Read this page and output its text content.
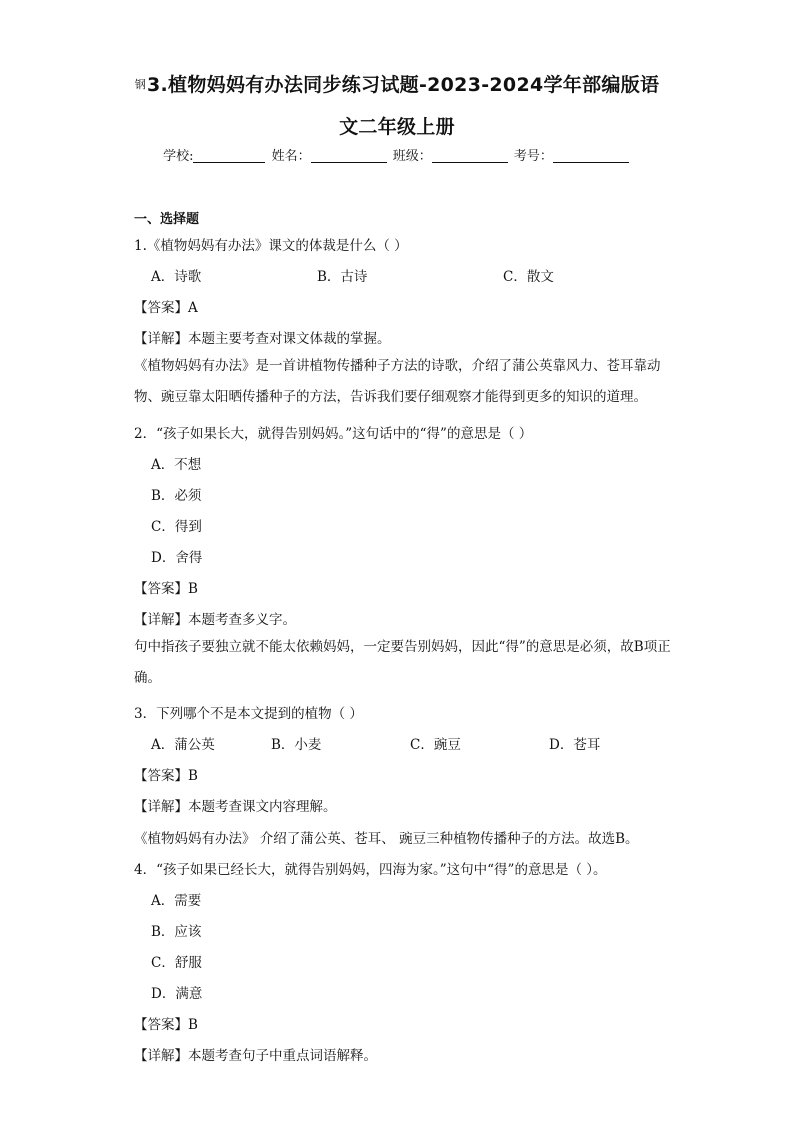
钢3.植物妈妈有办法同步练习试题-2023-2024学年部编版语
文二年级上册
学校:	姓名：	班级：	考号：
一、选择题
1.《植物妈妈有办法》课文的体裁是什么（ ）
A．诗歌	B．古诗	C．散文
【答案】A
【详解】本题主要考查对课文体裁的掌握。
《植物妈妈有办法》是一首讲植物传播种子方法的诗歌，介绍了蒲公英靠风力、苍耳靠动物、豌豆靠太阳晒传播种子的方法，告诉我们要仔细观察才能得到更多的知识的道理。
2．“孩子如果长大，就得告别妈妈。”这句话中的“得”的意思是（ ）
A．不想
B．必须
C．得到
D．舍得
【答案】B
【详解】本题考查多义字。
句中指孩子要独立就不能太依赖妈妈，一定要告别妈妈，因此“得”的意思是必须，故B项正确。
3．下列哪个不是本文提到的植物（ ）
A．蒲公英	B．小麦	C．豌豆	D．苍耳
【答案】B
【详解】本题考查课文内容理解。
《植物妈妈有办法》 介绍了蒲公英、苍耳、 豌豆三种植物传播种子的方法。故选B。
4．“孩子如果已经长大，就得告别妈妈，四海为家。”这句中“得”的意思是（ ）。
A．需要
B．应该
C．舒服
D．满意
【答案】B
【详解】本题考查句子中重点词语解释。
